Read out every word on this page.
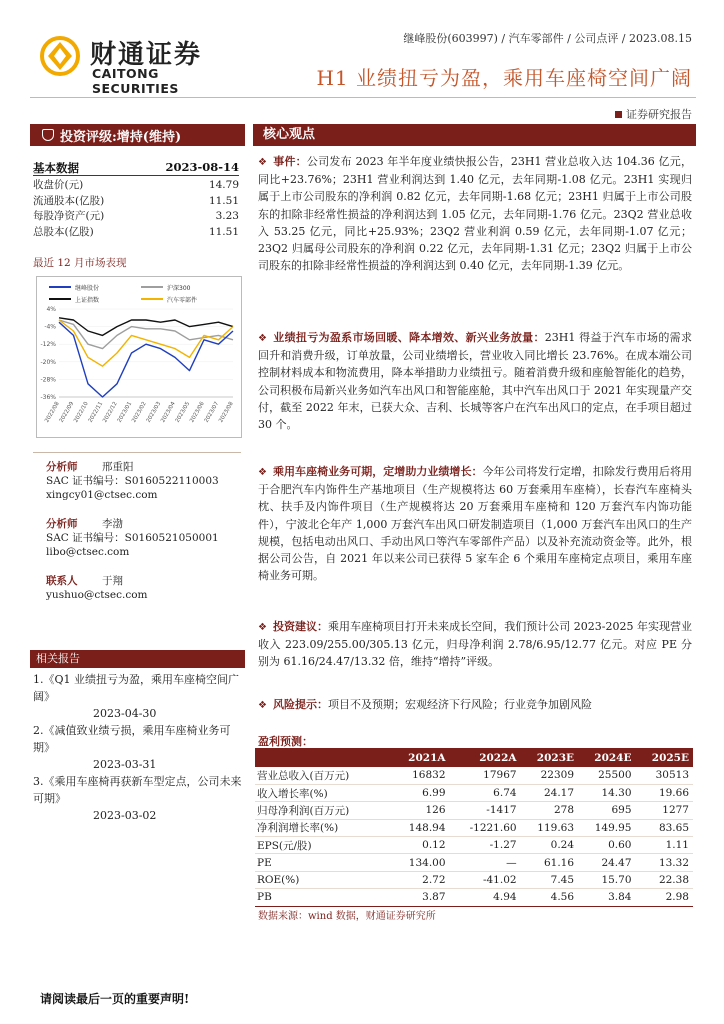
继峰股份(603997) / 汽车零部件 / 公司点评 / 2023.08.15
财通证券
CAITONG SECURITIES	H1 业绩扭亏为盈，乘用车座椅空间广阔
证券研究报告
投资评级:增持(维持)
基本数据	2023-08-14
收盘价(元)	14.79
流通股本(亿股)	11.51
每股净资产(元)	3.23
总股本(亿股)	11.51
最近 12 月市场表现
继峰股份	沪深300
上证指数	汽车零部件
4%
-4%
-12%
-20%
-28%
-36%
2022/08
2022/09
2022/10
2022/11
2022/12
2023/01
2023/02
2023/03
2023/04
2023/05
2023/06
2023/07
2023/08
分析师 邢重阳
SAC 证书编号：S0160522110003
xingcy01@ctsec.com
分析师 李渤
SAC 证书编号：S0160521050001
libo@ctsec.com
联系人 于翔
yushuo@ctsec.com
相关报告
1.《Q1 业绩扭亏为盈，乘用车座椅空间广阔》
2023-04-30
2.《减值致业绩亏损，乘用车座椅业务可期》
2023-03-31
3.《乘用车座椅再获新车型定点，公司未来可期》
2023-03-02
请阅读最后一页的重要声明!
核心观点
❖ 事件：公司发布 2023 年半年度业绩快报公告，23H1 营业总收入达 104.36 亿元，同比+23.76%；23H1 营业利润达到 1.40 亿元，去年同期-1.08 亿元。23H1 实现归属于上市公司股东的净利润 0.82 亿元，去年同期-1.68 亿元；23H1 归属于上市公司股东的扣除非经常性损益的净利润达到 1.05 亿元，去年同期-1.76 亿元。23Q2 营业总收入 53.25 亿元，同比+25.93%；23Q2 营业利润 0.59 亿元，去年同期-1.07 亿元；23Q2 归属母公司股东的净利润 0.22 亿元，去年同期-1.31 亿元；23Q2 归属于上市公司股东的扣除非经常性损益的净利润达到 0.40 亿元，去年同期-1.39 亿元。
❖ 业绩扭亏为盈系市场回暖、降本增效、新兴业务放量：23H1 得益于汽车市场的需求回升和消费升级，订单放量，公司业绩增长，营业收入同比增长 23.76%。在成本端公司控制材料成本和物流费用，降本举措助力业绩扭亏。随着消费升级和座舱智能化的趋势，公司积极布局新兴业务如汽车出风口和智能座舱，其中汽车出风口于 2021 年实现量产交付，截至 2022 年末，已获大众、吉利、长城等客户在汽车出风口的定点，在手项目超过 30 个。
❖ 乘用车座椅业务可期，定增助力业绩增长：今年公司将发行定增，扣除发行费用后将用于合肥汽车内饰件生产基地项目（生产规模将达 60 万套乘用车座椅），长春汽车座椅头枕、扶手及内饰件项目（生产规模将达 20 万套乘用车座椅和 120 万套汽车内饰功能件），宁波北仑年产 1,000 万套汽车出风口研发制造项目（1,000 万套汽车出风口的生产规模，包括电动出风口、手动出风口等汽车零部件产品）以及补充流动资金等。此外，根据公司公告，自 2021 年以来公司已获得 5 家车企 6 个乘用车座椅定点项目，乘用车座椅业务可期。
❖ 投资建议：乘用车座椅项目打开未来成长空间，我们预计公司 2023-2025 年实现营业收入 223.09/255.00/305.13 亿元，归母净利润 2.78/6.95/12.77 亿元。对应 PE 分别为 61.16/24.47/13.32 倍，维持“增持”评级。
❖ 风险提示：项目不及预期；宏观经济下行风险；行业竞争加剧风险
盈利预测：
	2021A	2022A	2023E	2024E	2025E
营业总收入(百万元)	16832	17967	22309	25500	30513
收入增长率(%)	6.99	6.74	24.17	14.30	19.66
归母净利润(百万元)	126	-1417	278	695	1277
净利润增长率(%)	148.94	-1221.60	119.63	149.95	83.65
EPS(元/股)	0.12	-1.27	0.24	0.60	1.11
PE	134.00	—	61.16	24.47	13.32
ROE(%)	2.72	-41.02	7.45	15.70	22.38
PB	3.87	4.94	4.56	3.84	2.98
数据来源：wind 数据，财通证券研究所
